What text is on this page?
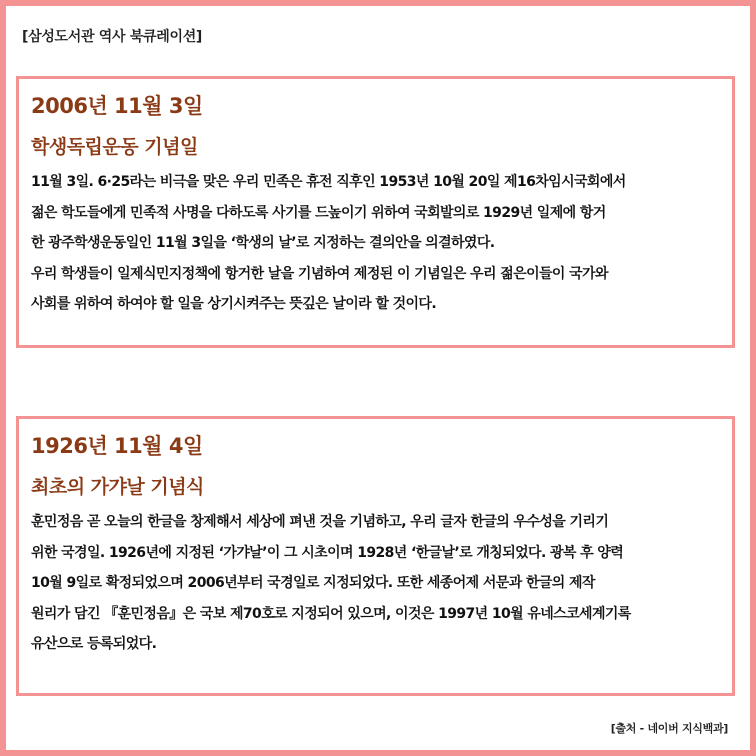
[삼성도서관 역사 북큐레이션]
2006년 11월 3일
학생독립운동 기념일
11월 3일. 6·25라는 비극을 맞은 우리 민족은 휴전 직후인 1953년 10월 20일 제16차임시국회에서
젊은 학도들에게 민족적 사명을 다하도록 사기를 드높이기 위하여 국회발의로 1929년 일제에 항거
한 광주학생운동일인 11월 3일을 ‘학생의 날’로 지정하는 결의안을 의결하였다.
우리 학생들이 일제식민지정책에 항거한 날을 기념하여 제정된 이 기념일은 우리 젊은이들이 국가와
사회를 위하여 하여야 할 일을 상기시켜주는 뜻깊은 날이라 할 것이다.
1926년 11월 4일
최초의 가갸날 기념식
훈민정음 곧 오늘의 한글을 창제해서 세상에 펴낸 것을 기념하고, 우리 글자 한글의 우수성을 기리기
위한 국경일. 1926년에 지정된 ‘가갸날’이 그 시초이며 1928년 ‘한글날’로 개칭되었다. 광복 후 양력
10월 9일로 확정되었으며 2006년부터 국경일로 지정되었다. 또한 세종어제 서문과 한글의 제작
원리가 담긴 『훈민정음』은 국보 제70호로 지정되어 있으며, 이것은 1997년 10월 유네스코세계기록
유산으로 등록되었다.
[출처 - 네이버 지식백과]
